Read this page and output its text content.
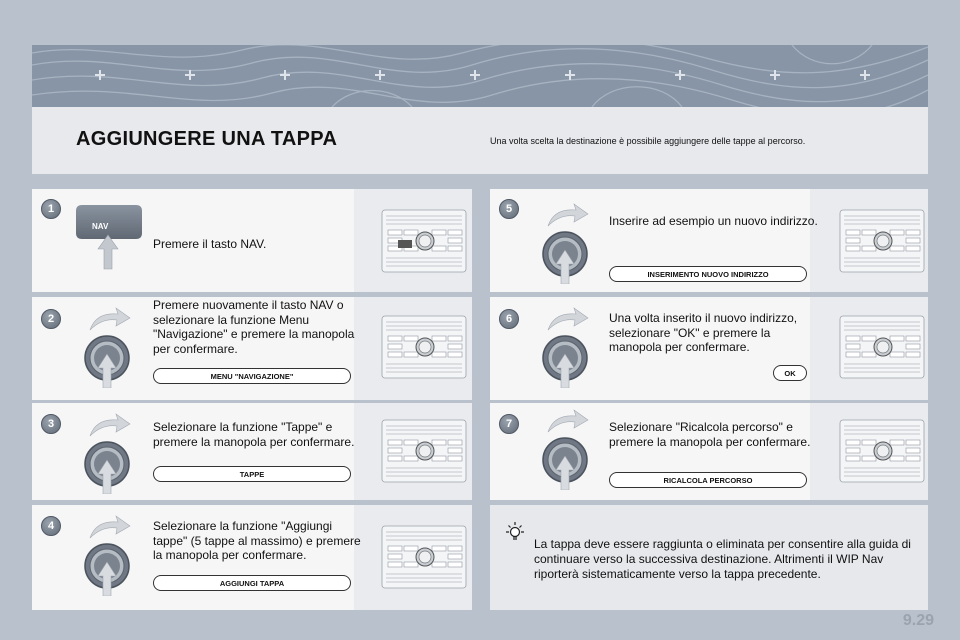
AGGIUNGERE UNA TAPPA	Una volta scelta la destinazione è possibile aggiungere delle tappe al percorso.
1
2
3
4
5
6
7
NAV
Premere il tasto NAV.
Premere nuovamente il tasto NAV o selezionare la funzione Menu "Navigazione" e premere la manopola per confermare.
Selezionare la funzione "Tappe" e premere la manopola per confermare.
Selezionare la funzione "Aggiungi tappe" (5 tappe al massimo) e premere la manopola per confermare.
Inserire ad esempio un nuovo indirizzo.
Una volta inserito il nuovo indirizzo, selezionare "OK" e premere la manopola per confermare.
Selezionare "Ricalcola percorso" e premere la manopola per confermare.
MENU "NAVIGAZIONE"
TAPPE
AGGIUNGI TAPPA
INSERIMENTO NUOVO INDIRIZZO
OK
RICALCOLA PERCORSO
La tappa deve essere raggiunta o eliminata per consentire alla guida di continuare verso la successiva destinazione. Altrimenti il WIP Nav riporterà sistematicamente verso la tappa precedente.
9.29
